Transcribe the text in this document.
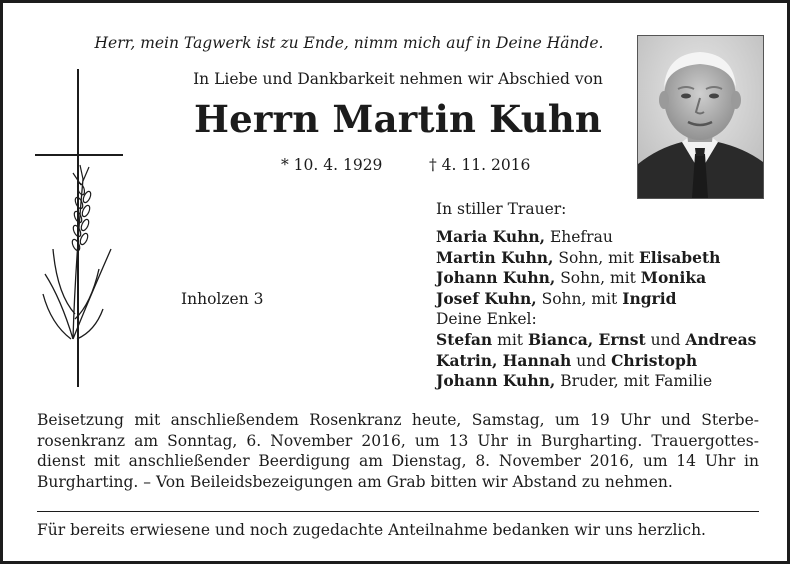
Herr, mein Tagwerk ist zu Ende, nimm mich auf in Deine Hände.
In Liebe und Dankbarkeit nehmen wir Abschied von
Herrn Martin Kuhn
* 10. 4. 1929	† 4. 11. 2016
Inholzen 3
In stiller Trauer:
Maria Kuhn, Ehefrau
Martin Kuhn, Sohn, mit Elisabeth
Johann Kuhn, Sohn, mit Monika
Josef Kuhn, Sohn, mit Ingrid
Deine Enkel:
Stefan mit Bianca, Ernst und Andreas
Katrin, Hannah und Christoph
Johann Kuhn, Bruder, mit Familie
Beisetzung mit anschließendem Rosenkranz heute, Samstag, um 19 Uhr und Sterbe-rosenkranz am Sonntag, 6. November 2016, um 13 Uhr in Burgharting. Trauergottes-dienst mit anschließender Beerdigung am Dienstag, 8. November 2016, um 14 Uhr in Burgharting. – Von Beileidsbezeigungen am Grab bitten wir Abstand zu nehmen.
Für bereits erwiesene und noch zugedachte Anteilnahme bedanken wir uns herzlich.
